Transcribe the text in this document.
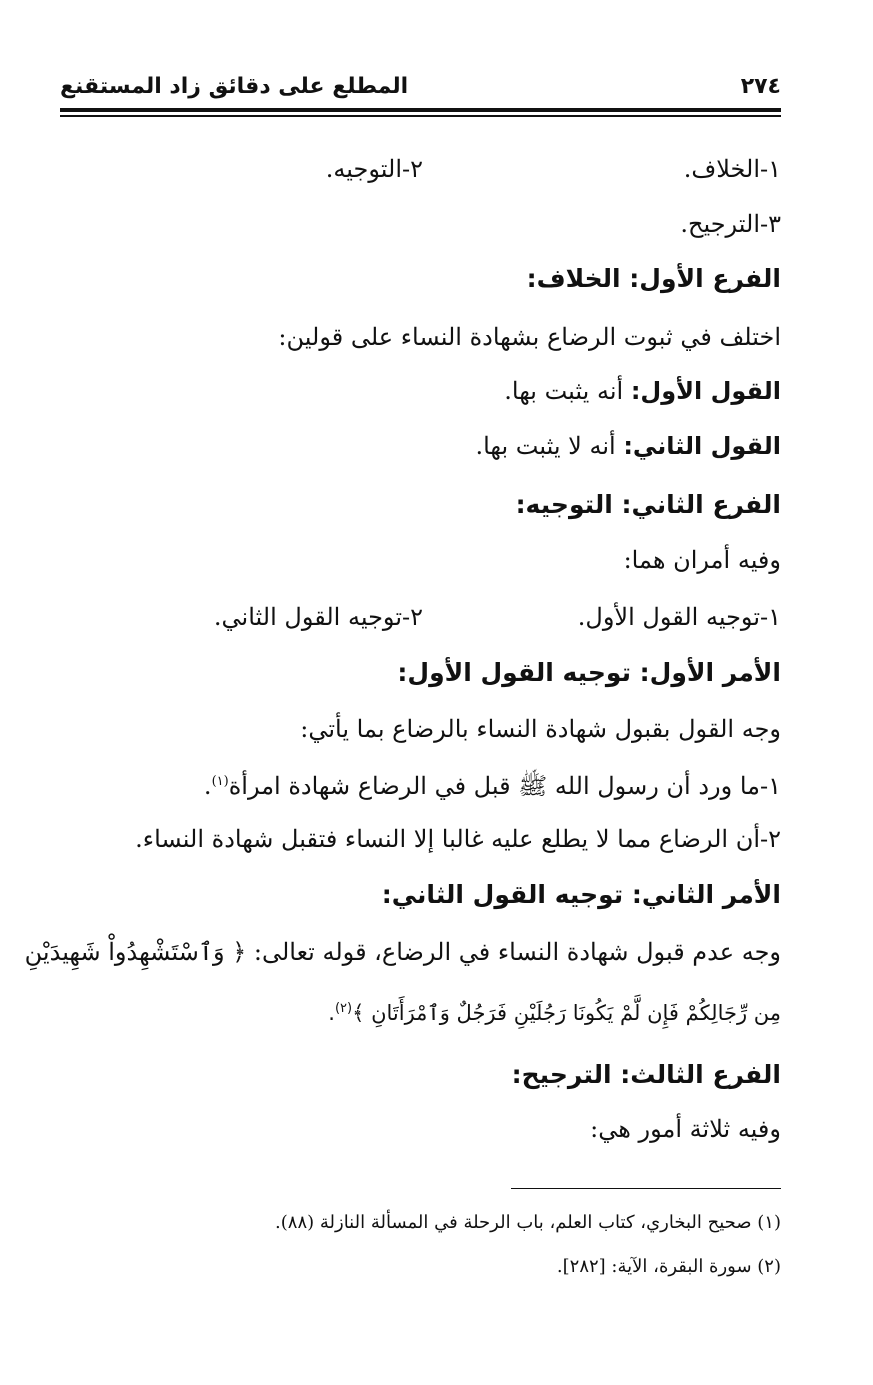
٢٧٤
المطلع على دقائق زاد المستقنع
١-الخلاف.
٢-التوجيه.
٣-الترجيح.
الفرع الأول: الخلاف:
اختلف في ثبوت الرضاع بشهادة النساء على قولين:
القول الأول: أنه يثبت بها.
القول الثاني: أنه لا يثبت بها.
الفرع الثاني: التوجيه:
وفيه أمران هما:
١-توجيه القول الأول.
٢-توجيه القول الثاني.
الأمر الأول: توجيه القول الأول:
وجه القول بقبول شهادة النساء بالرضاع بما يأتي:
١-ما ورد أن رسول الله ﷺ قبل في الرضاع شهادة امرأة$^{(١)}$.
٢-أن الرضاع مما لا يطلع عليه غالبا إلا النساء فتقبل شهادة النساء.
الأمر الثاني: توجيه القول الثاني:
وجه عدم قبول شهادة النساء في الرضاع، قوله تعالى: ﴿ وَٱسْتَشْهِدُواْ شَهِيدَيْنِ
مِن رِّجَالِكُمْ فَإِن لَّمْ يَكُونَا رَجُلَيْنِ فَرَجُلٌ وَٱمْرَأَتَانِ ﴾$^{(٢)}$.
الفرع الثالث: الترجيح:
وفيه ثلاثة أمور هي:
(١) صحيح البخاري، كتاب العلم، باب الرحلة في المسألة النازلة (٨٨).
(٢) سورة البقرة، الآية: [٢٨٢].
